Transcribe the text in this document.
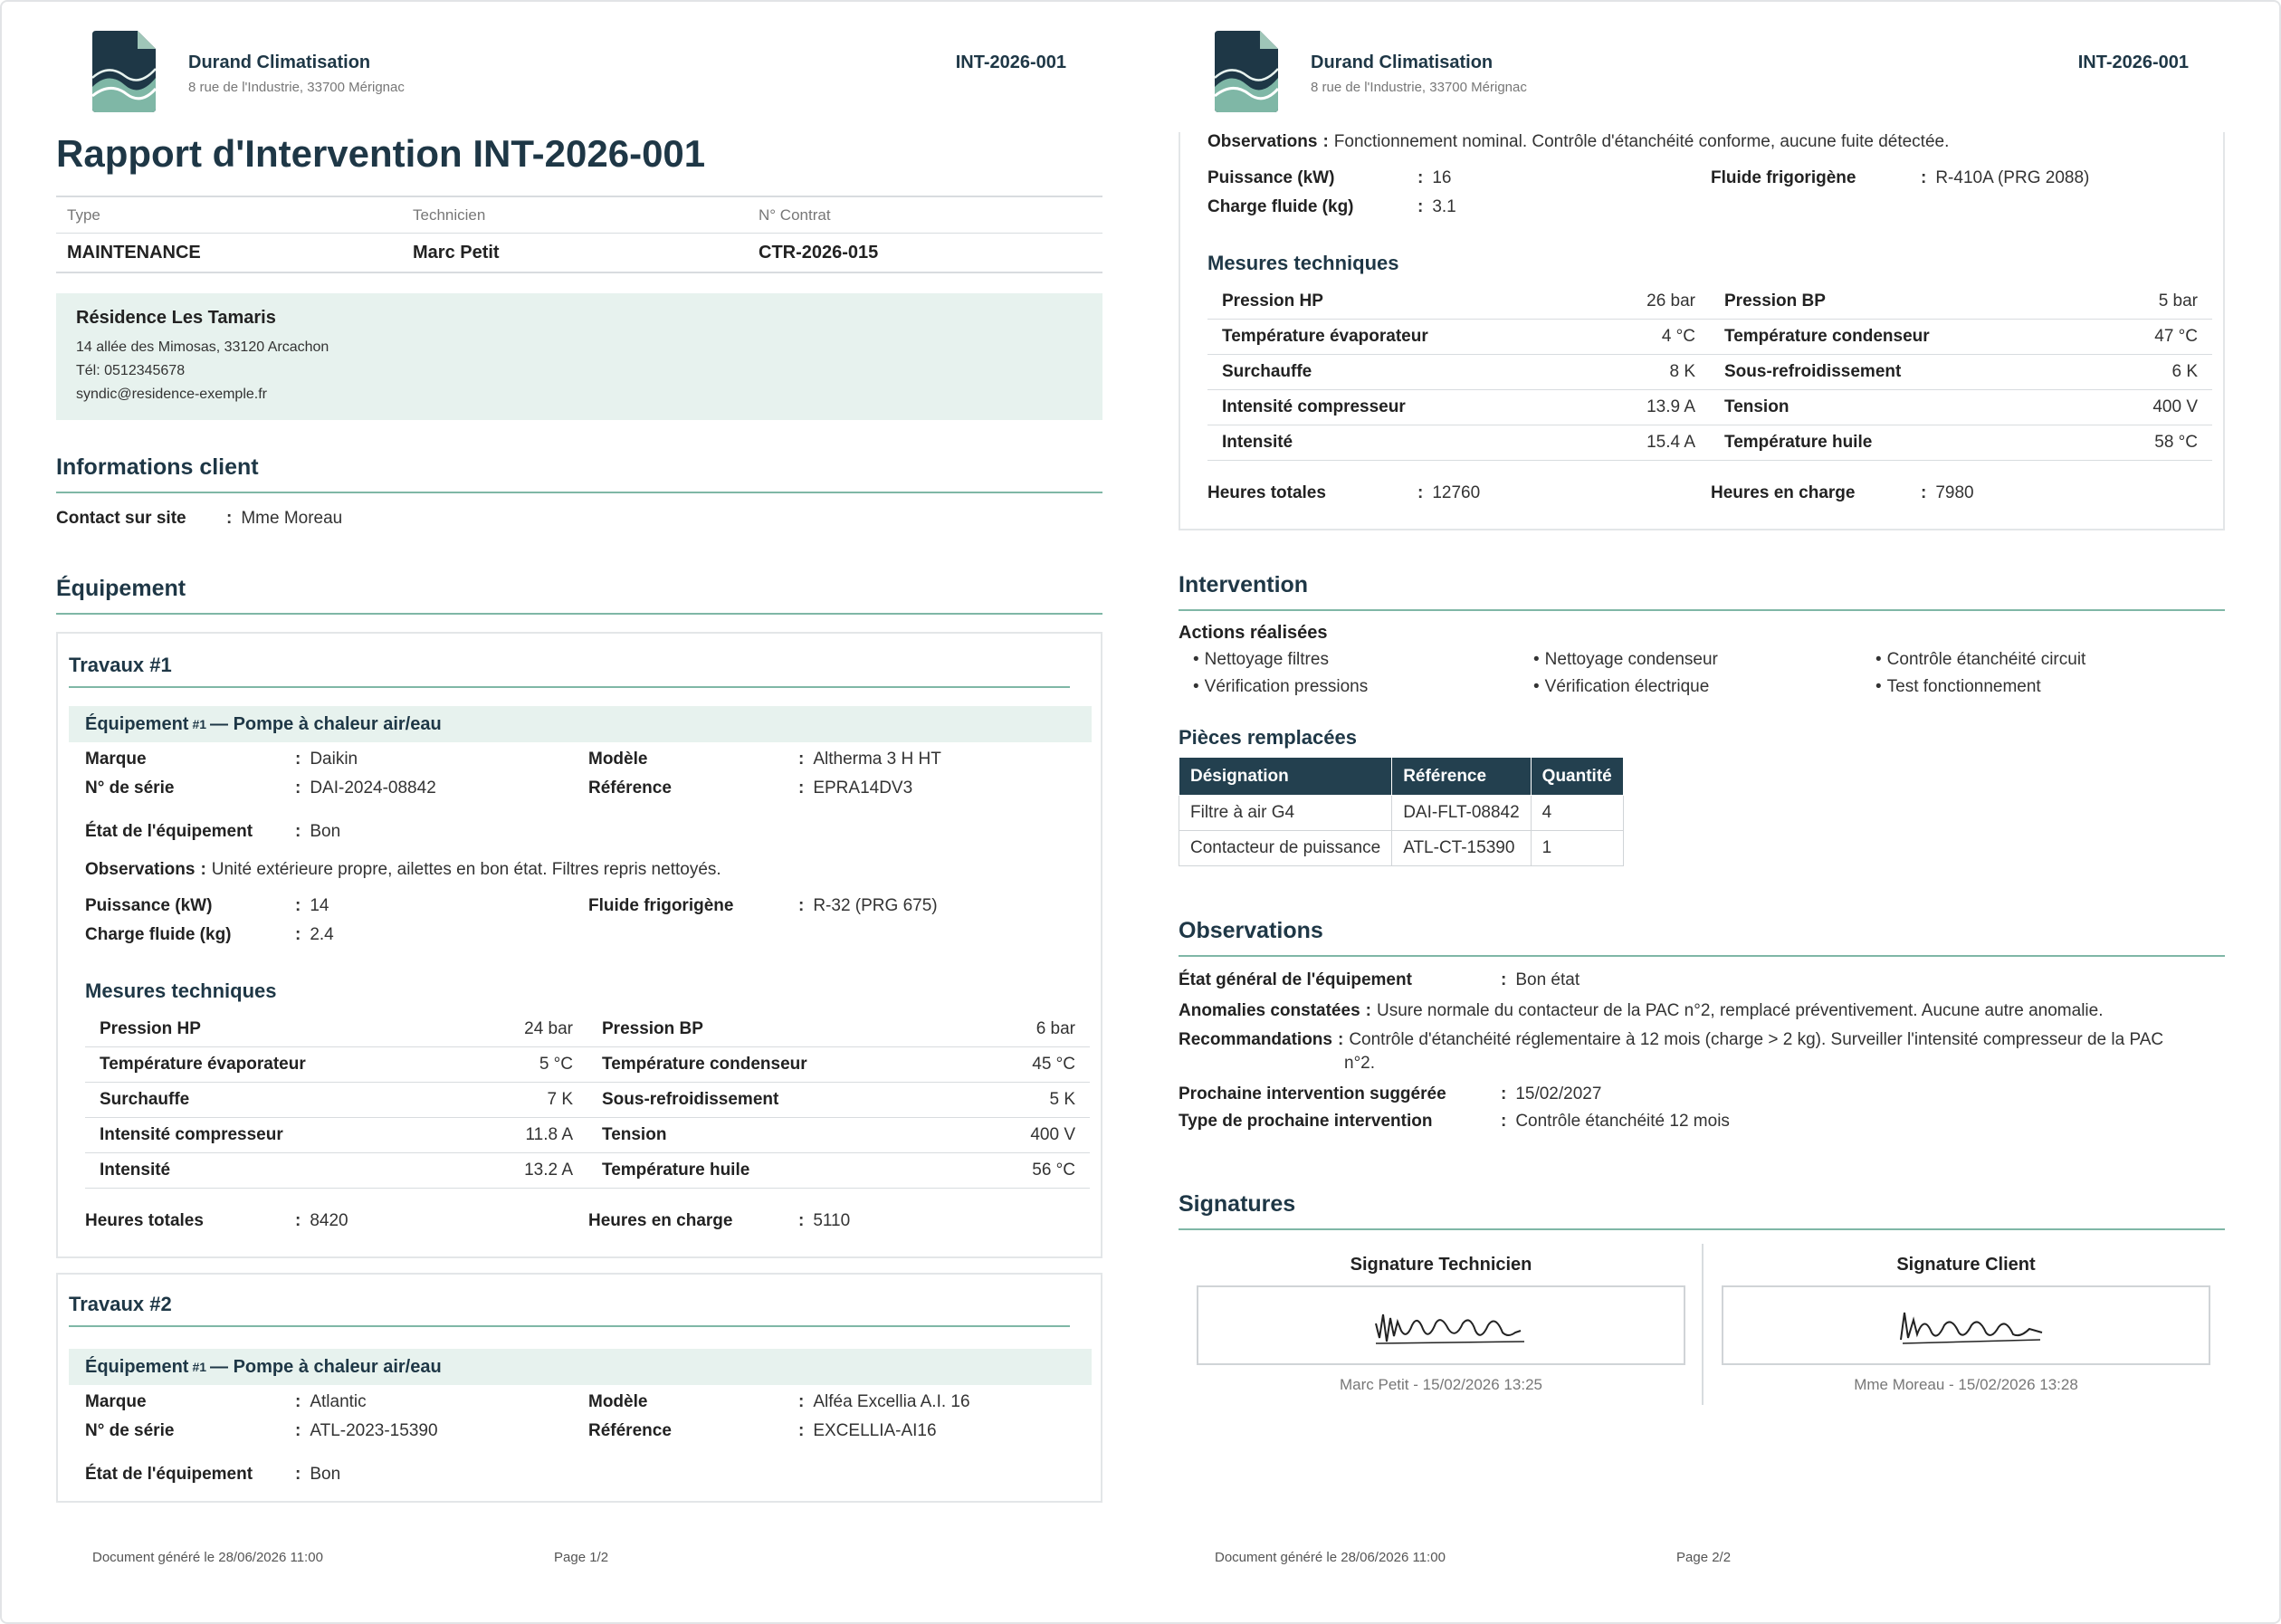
Durand Climatisation
8 rue de l'Industrie, 33700 Mérignac
INT-2026-001
Rapport d'Intervention INT-2026-001
Type	Technicien	N° Contrat
MAINTENANCE	Marc Petit	CTR-2026-015
Résidence Les Tamaris
14 allée des Mimosas, 33120 Arcachon
Tél: 0512345678
syndic@residence-exemple.fr
Informations client
Contact sur site	: Mme Moreau
Équipement
Travaux #1
Équipement #1 — Pompe à chaleur air/eau
Marque	: Daikin	Modèle	: Altherma 3 H HT
N° de série	: DAI-2024-08842	Référence	: EPRA14DV3
État de l'équipement	: Bon
Observations : Unité extérieure propre, ailettes en bon état. Filtres repris nettoyés.
Puissance (kW)	: 14	Fluide frigorigène	: R-32 (PRG 675)
Charge fluide (kg)	: 2.4
Mesures techniques
Pression HP	24 bar Pression BP	6 bar
Température évaporateur	5 °C Température condenseur	45 °C
Surchauffe	7 K Sous-refroidissement	5 K
Intensité compresseur	11.8 A Tension	400 V
Intensité	13.2 A Température huile	56 °C
Heures totales	: 8420	Heures en charge	: 5110
Travaux #2
Équipement #1 — Pompe à chaleur air/eau
Marque	: Atlantic	Modèle	: Alféa Excellia A.I. 16
N° de série	: ATL-2023-15390	Référence	: EXCELLIA-AI16
État de l'équipement	: Bon
Document généré le 28/06/2026 11:00	Page 1/2
Durand Climatisation
8 rue de l'Industrie, 33700 Mérignac
INT-2026-001
Observations : Fonctionnement nominal. Contrôle d'étanchéité conforme, aucune fuite détectée.
Puissance (kW)	: 16	Fluide frigorigène	: R-410A (PRG 2088)
Charge fluide (kg)	: 3.1
Mesures techniques
Pression HP	26 bar Pression BP	5 bar
Température évaporateur	4 °C Température condenseur	47 °C
Surchauffe	8 K Sous-refroidissement	6 K
Intensité compresseur	13.9 A Tension	400 V
Intensité	15.4 A Température huile	58 °C
Heures totales	: 12760	Heures en charge	: 7980
Intervention
Actions réalisées
• Nettoyage filtres	• Nettoyage condenseur	• Contrôle étanchéité circuit
• Vérification pressions	• Vérification électrique	• Test fonctionnement
Pièces remplacées
Désignation	Référence	Quantité
Filtre à air G4	DAI-FLT-08842	4
Contacteur de puissance	ATL-CT-15390	1
Observations
État général de l'équipement	: Bon état
Anomalies constatées : Usure normale du contacteur de la PAC n°2, remplacé préventivement. Aucune autre anomalie.
Recommandations : Contrôle d'étanchéité réglementaire à 12 mois (charge > 2 kg). Surveiller l'intensité compresseur de la PAC
n°2.
Prochaine intervention suggérée	: 15/02/2027
Type de prochaine intervention	: Contrôle étanchéité 12 mois
Signatures
Signature Technicien
Marc Petit - 15/02/2026 13:25
Signature Client
Mme Moreau - 15/02/2026 13:28
Document généré le 28/06/2026 11:00	Page 2/2
